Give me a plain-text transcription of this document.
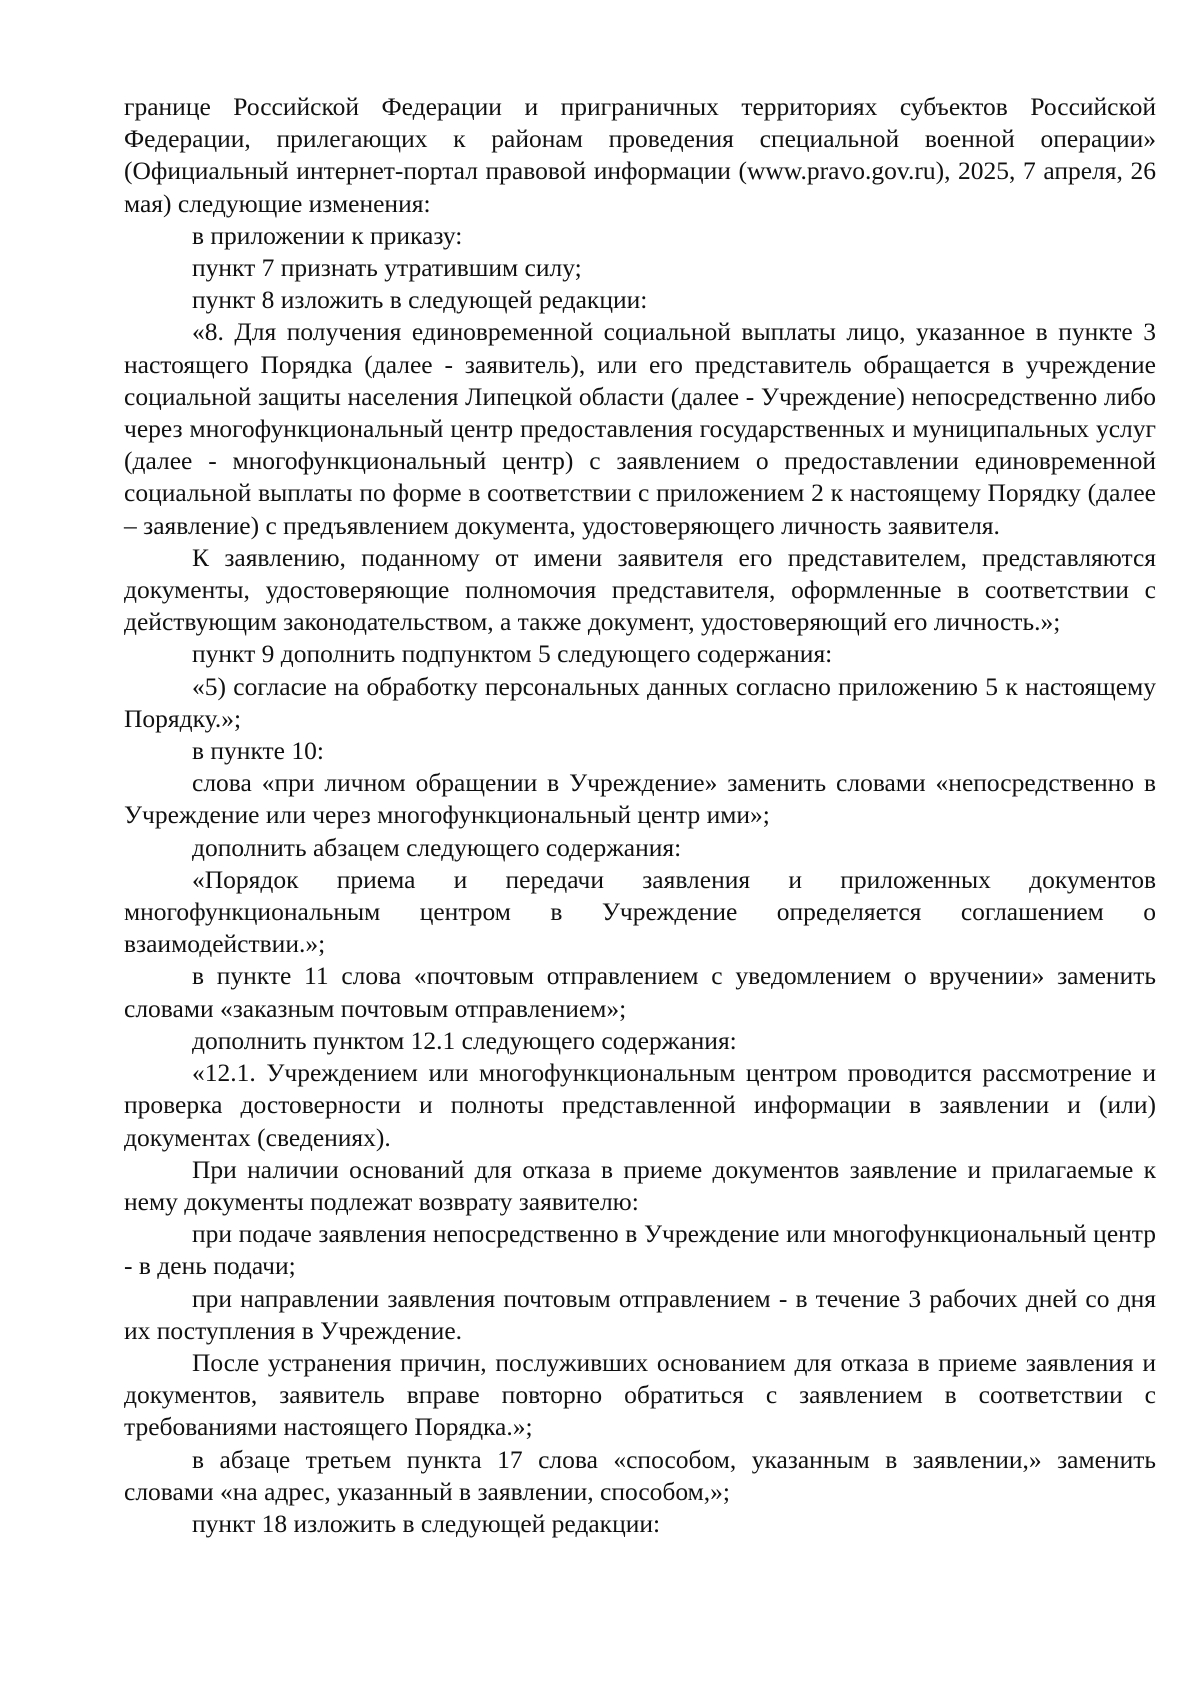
границе Российской Федерации и приграничных территориях субъектов Российской Федерации, прилегающих к районам проведения специальной военной операции» (Официальный интернет-портал правовой информации (www.pravo.gov.ru), 2025, 7 апреля, 26 мая) следующие изменения:

в приложении к приказу:

пункт 7 признать утратившим силу;

пункт 8 изложить в следующей редакции:

«8. Для получения единовременной социальной выплаты лицо, указанное в пункте 3 настоящего Порядка (далее - заявитель), или его представитель обращается в учреждение социальной защиты населения Липецкой области (далее - Учреждение) непосредственно либо через многофункциональный центр предоставления государственных и муниципальных услуг (далее - многофункциональный центр) с заявлением о предоставлении единовременной социальной выплаты по форме в соответствии с приложением 2 к настоящему Порядку (далее – заявление) с предъявлением документа, удостоверяющего личность заявителя.

К заявлению, поданному от имени заявителя его представителем, представляются документы, удостоверяющие полномочия представителя, оформленные в соответствии с действующим законодательством, а также документ, удостоверяющий его личность.»;

пункт 9 дополнить подпунктом 5 следующего содержания:

«5) согласие на обработку персональных данных согласно приложению 5 к настоящему Порядку.»;

в пункте 10:

слова «при личном обращении в Учреждение» заменить словами «непосредственно в Учреждение или через многофункциональный центр ими»;

дополнить абзацем следующего содержания:

«Порядок приема и передачи заявления и приложенных документов многофункциональным центром в Учреждение определяется соглашением о взаимодействии.»;

в пункте 11 слова «почтовым отправлением с уведомлением о вручении» заменить словами «заказным почтовым отправлением»;

дополнить пунктом 12.1 следующего содержания:

«12.1. Учреждением или многофункциональным центром проводится рассмотрение и проверка достоверности и полноты представленной информации в заявлении и (или) документах (сведениях).

При наличии оснований для отказа в приеме документов заявление и прилагаемые к нему документы подлежат возврату заявителю:

при подаче заявления непосредственно в Учреждение или многофункциональный центр - в день подачи;

при направлении заявления почтовым отправлением - в течение 3 рабочих дней со дня их поступления в Учреждение.

После устранения причин, послуживших основанием для отказа в приеме заявления и документов, заявитель вправе повторно обратиться с заявлением в соответствии с требованиями настоящего Порядка.»;

в абзаце третьем пункта 17 слова «способом, указанным в заявлении,» заменить словами «на адрес, указанный в заявлении, способом,»;

пункт 18 изложить в следующей редакции:
